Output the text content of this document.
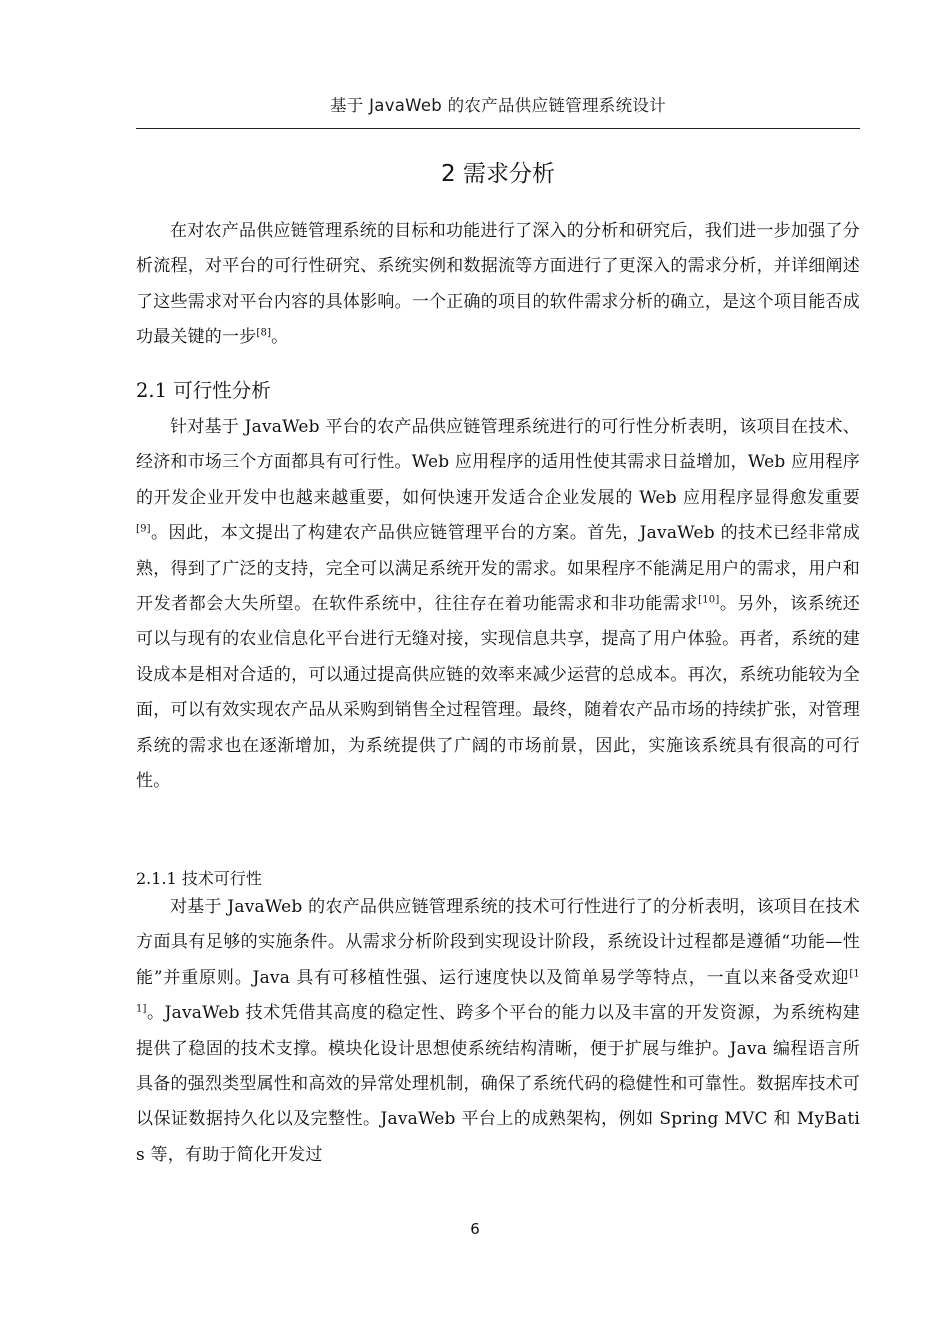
基于 JavaWeb 的农产品供应链管理系统设计
2 需求分析

在对农产品供应链管理系统的目标和功能进行了深入的分析和研究后，我们进一步加强了分析流程，对平台的可行性研究、系统实例和数据流等方面进行了更深入的需求分析，并详细阐述了这些需求对平台内容的具体影响。一个正确的项目的软件需求分析的确立，是这个项目能否成功最关键的一步[8]。

2.1 可行性分析

针对基于 JavaWeb 平台的农产品供应链管理系统进行的可行性分析表明，该项目在技术、经济和市场三个方面都具有可行性。Web 应用程序的适用性使其需求日益增加，Web 应用程序的开发企业开发中也越来越重要，如何快速开发适合企业发展的 Web 应用程序显得愈发重要[9]。因此，本文提出了构建农产品供应链管理平台的方案。首先，JavaWeb 的技术已经非常成熟，得到了广泛的支持，完全可以满足系统开发的需求。如果程序不能满足用户的需求，用户和开发者都会大失所望。在软件系统中，往往存在着功能需求和非功能需求[10]。另外，该系统还可以与现有的农业信息化平台进行无缝对接，实现信息共享，提高了用户体验。再者，系统的建设成本是相对合适的，可以通过提高供应链的效率来减少运营的总成本。再次，系统功能较为全面，可以有效实现农产品从采购到销售全过程管理。最终，随着农产品市场的持续扩张，对管理系统的需求也在逐渐增加，为系统提供了广阔的市场前景，因此，实施该系统具有很高的可行性。

2.1.1 技术可行性

对基于 JavaWeb 的农产品供应链管理系统的技术可行性进行了的分析表明，该项目在技术方面具有足够的实施条件。从需求分析阶段到实现设计阶段，系统设计过程都是遵循“功能—性能”并重原则。Java 具有可移植性强、运行速度快以及简单易学等特点，一直以来备受欢迎[11]。JavaWeb 技术凭借其高度的稳定性、跨多个平台的能力以及丰富的开发资源，为系统构建提供了稳固的技术支撑。模块化设计思想使系统结构清晰，便于扩展与维护。Java 编程语言所具备的强烈类型属性和高效的异常处理机制，确保了系统代码的稳健性和可靠性。数据库技术可以保证数据持久化以及完整性。JavaWeb 平台上的成熟架构，例如 Spring MVC 和 MyBatis 等，有助于简化开发过

6
